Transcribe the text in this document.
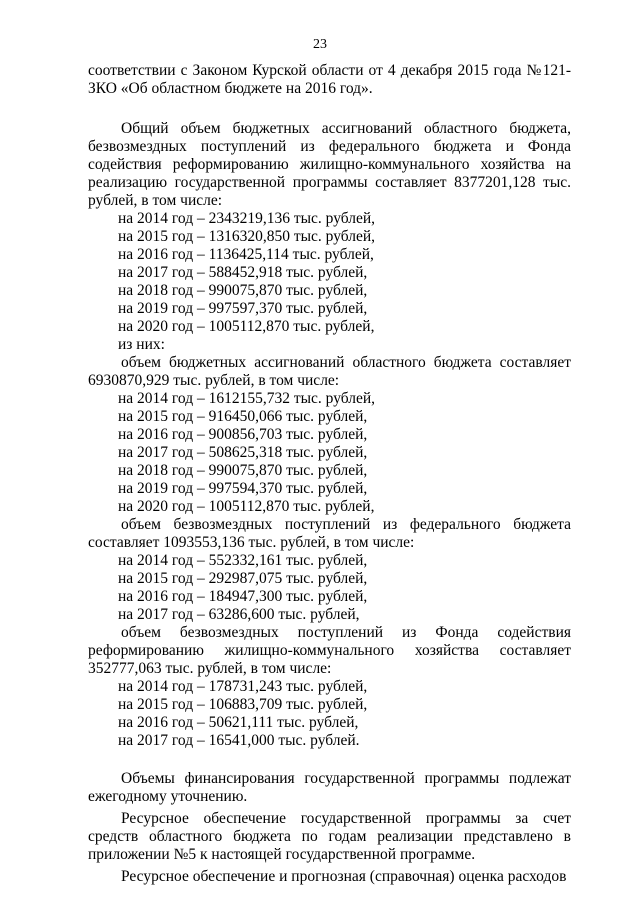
23

соответствии с Законом Курской области от 4 декабря 2015 года №121-ЗКО «Об областном бюджете на 2016 год».

Общий объем бюджетных ассигнований областного бюджета, безвозмездных поступлений из федерального бюджета и Фонда содействия реформированию жилищно-коммунального хозяйства на реализацию государственной программы составляет 8377201,128 тыс. рублей, в том числе:

на 2014 год – 2343219,136 тыс. рублей,
на 2015 год – 1316320,850 тыс. рублей,
на 2016 год – 1136425,114 тыс. рублей,
на 2017 год – 588452,918 тыс. рублей,
на 2018 год – 990075,870 тыс. рублей,
на 2019 год – 997597,370 тыс. рублей,
на 2020 год – 1005112,870 тыс. рублей,
из них:

объем бюджетных ассигнований областного бюджета составляет 6930870,929 тыс. рублей, в том числе:

на 2014 год – 1612155,732 тыс. рублей,
на 2015 год – 916450,066 тыс. рублей,
на 2016 год – 900856,703 тыс. рублей,
на 2017 год – 508625,318 тыс. рублей,
на 2018 год – 990075,870 тыс. рублей,
на 2019 год – 997594,370 тыс. рублей,
на 2020 год – 1005112,870 тыс. рублей,

объем безвозмездных поступлений из федерального бюджета составляет 1093553,136 тыс. рублей, в том числе:

на 2014 год – 552332,161 тыс. рублей,
на 2015 год – 292987,075 тыс. рублей,
на 2016 год – 184947,300 тыс. рублей,
на 2017 год – 63286,600 тыс. рублей,

объем безвозмездных поступлений из Фонда содействия реформированию жилищно-коммунального хозяйства составляет 352777,063 тыс. рублей, в том числе:

на 2014 год – 178731,243 тыс. рублей,
на 2015 год – 106883,709 тыс. рублей,
на 2016 год – 50621,111 тыс. рублей,
на 2017 год – 16541,000 тыс. рублей.

Объемы финансирования государственной программы подлежат ежегодному уточнению.

Ресурсное обеспечение государственной программы за счет средств областного бюджета по годам реализации представлено в приложении №5 к настоящей государственной программе.

Ресурсное обеспечение и прогнозная (справочная) оценка расходов
